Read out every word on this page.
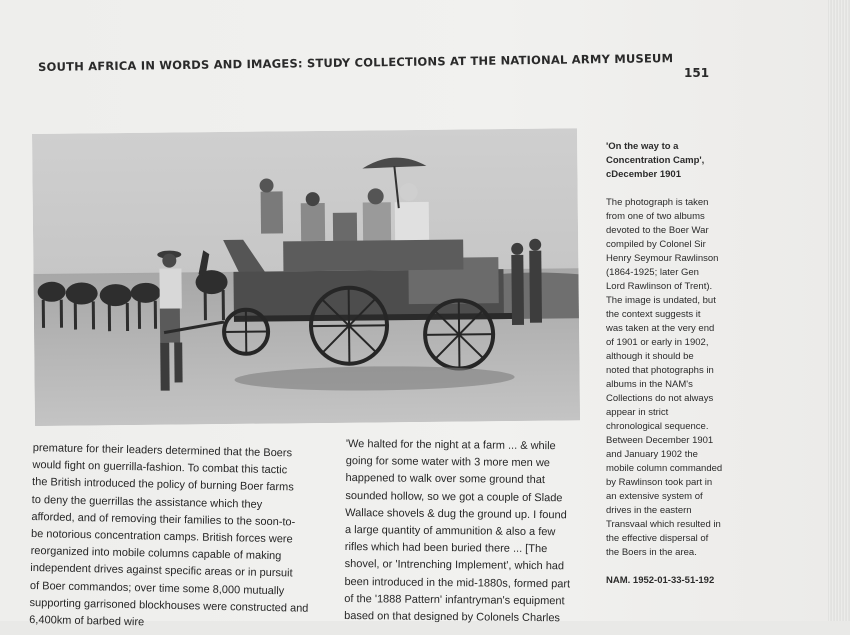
SOUTH AFRICA IN WORDS AND IMAGES: STUDY COLLECTIONS AT THE NATIONAL ARMY MUSEUM 151
'On the way to a
Concentration Camp',
cDecember 1901
The photograph is taken
from one of two albums
devoted to the Boer War
compiled by Colonel Sir
Henry Seymour Rawlinson
(1864-1925; later Gen
Lord Rawlinson of Trent).
The image is undated, but
the context suggests it
was taken at the very end
of 1901 or early in 1902,
although it should be
noted that photographs in
albums in the NAM's
Collections do not always
appear in strict
chronological sequence.
Between December 1901
and January 1902 the
mobile column commanded
by Rawlinson took part in
an extensive system of
drives in the eastern
Transvaal which resulted in
the effective dispersal of
the Boers in the area.
NAM. 1952-01-33-51-192
premature for their leaders determined that the Boers
would fight on guerrilla-fashion. To combat this tactic
the British introduced the policy of burning Boer farms
to deny the guerrillas the assistance which they
afforded, and of removing their families to the soon-to-
be notorious concentration camps. British forces were
reorganized into mobile columns capable of making
independent drives against specific areas or in pursuit
of Boer commandos; over time some 8,000 mutually
supporting garrisoned blockhouses were constructed and
6,400km of barbed wire
'We halted for the night at a farm ... & while
going for some water with 3 more men we
happened to walk over some ground that
sounded hollow, so we got a couple of Slade
Wallace shovels & dug the ground up. I found
a large quantity of ammunition & also a few
rifles which had been buried there ... [The
shovel, or 'Intrenching Implement', which had
been introduced in the mid-1880s, formed part
of the '1888 Pattern' infantryman's equipment
based on that designed by Colonels Charles
